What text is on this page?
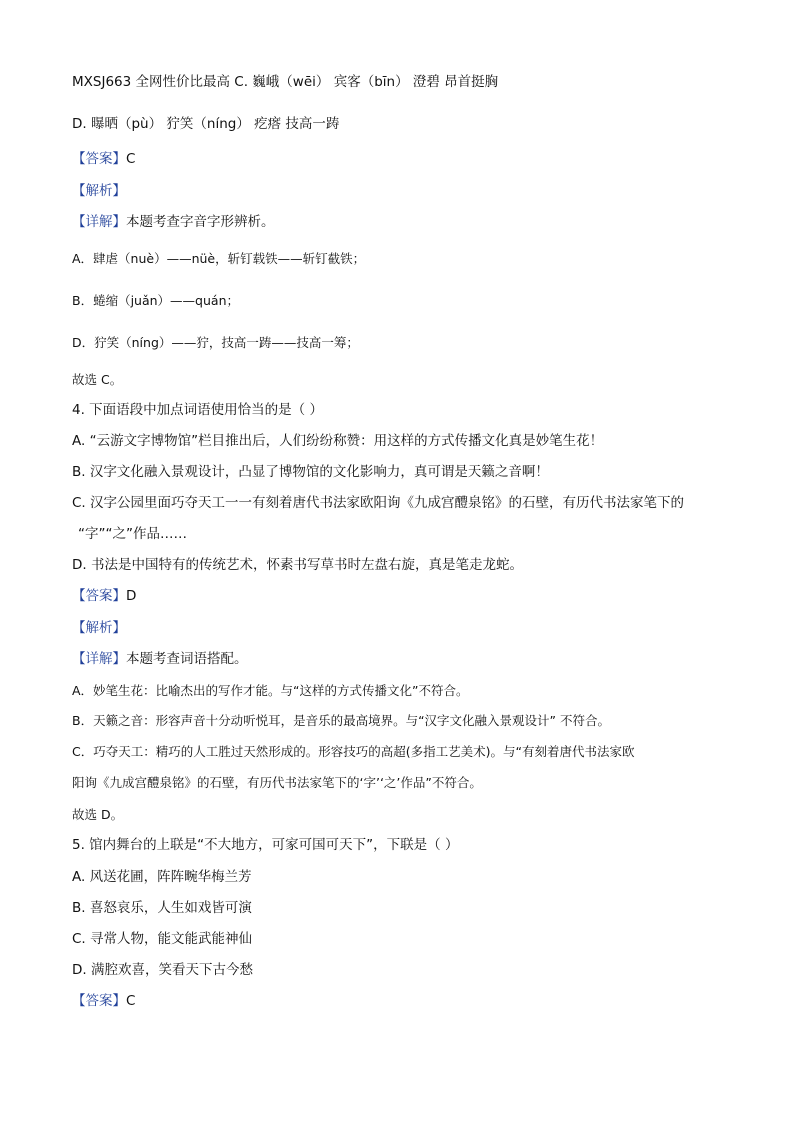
MXSJ663 全网性价比最高 C. 巍峨（wēi） 宾客（bīn） 澄碧 昂首挺胸
D. 曝晒（pù） 狞笑（níng） 疙瘩 技高一踌
【答案】C
【解析】
【详解】本题考查字音字形辨析。
A．肆虐（nuè）——nüè，斩钉载铁——斩钉截铁；
B．蜷缩（juǎn）——quán；
D．狞笑（níng）——狞，技高一踌——技高一筹；
故选 C。
4. 下面语段中加点词语使用恰当的是（ ）
A. “云游文字博物馆”栏目推出后，人们纷纷称赞：用这样的方式传播文化真是妙笔生花！
B. 汉字文化融入景观设计，凸显了博物馆的文化影响力，真可谓是天籁之音啊！
C. 汉字公园里面巧夺天工一一有刻着唐代书法家欧阳询《九成宫醴泉铭》的石壁，有历代书法家笔下的
“字”“之”作品……
D. 书法是中国特有的传统艺术，怀素书写草书时左盘右旋，真是笔走龙蛇。
【答案】D
【解析】
【详解】本题考查词语搭配。
A．妙笔生花：比喻杰出的写作才能。与“这样的方式传播文化”不符合。
B．天籁之音：形容声音十分动听悦耳，是音乐的最高境界。与“汉字文化融入景观设计” 不符合。
C．巧夺天工：精巧的人工胜过天然形成的。形容技巧的高超(多指工艺美术)。与“有刻着唐代书法家欧
阳询《九成宫醴泉铭》的石壁，有历代书法家笔下的‘字’‘之’作品”不符合。
故选 D。
5. 馆内舞台的上联是“不大地方，可家可国可天下”，下联是（ ）
A. 风送花圃，阵阵畹华梅兰芳
B. 喜怒哀乐，人生如戏皆可演
C. 寻常人物，能文能武能神仙
D. 满腔欢喜，笑看天下古今愁
【答案】C
